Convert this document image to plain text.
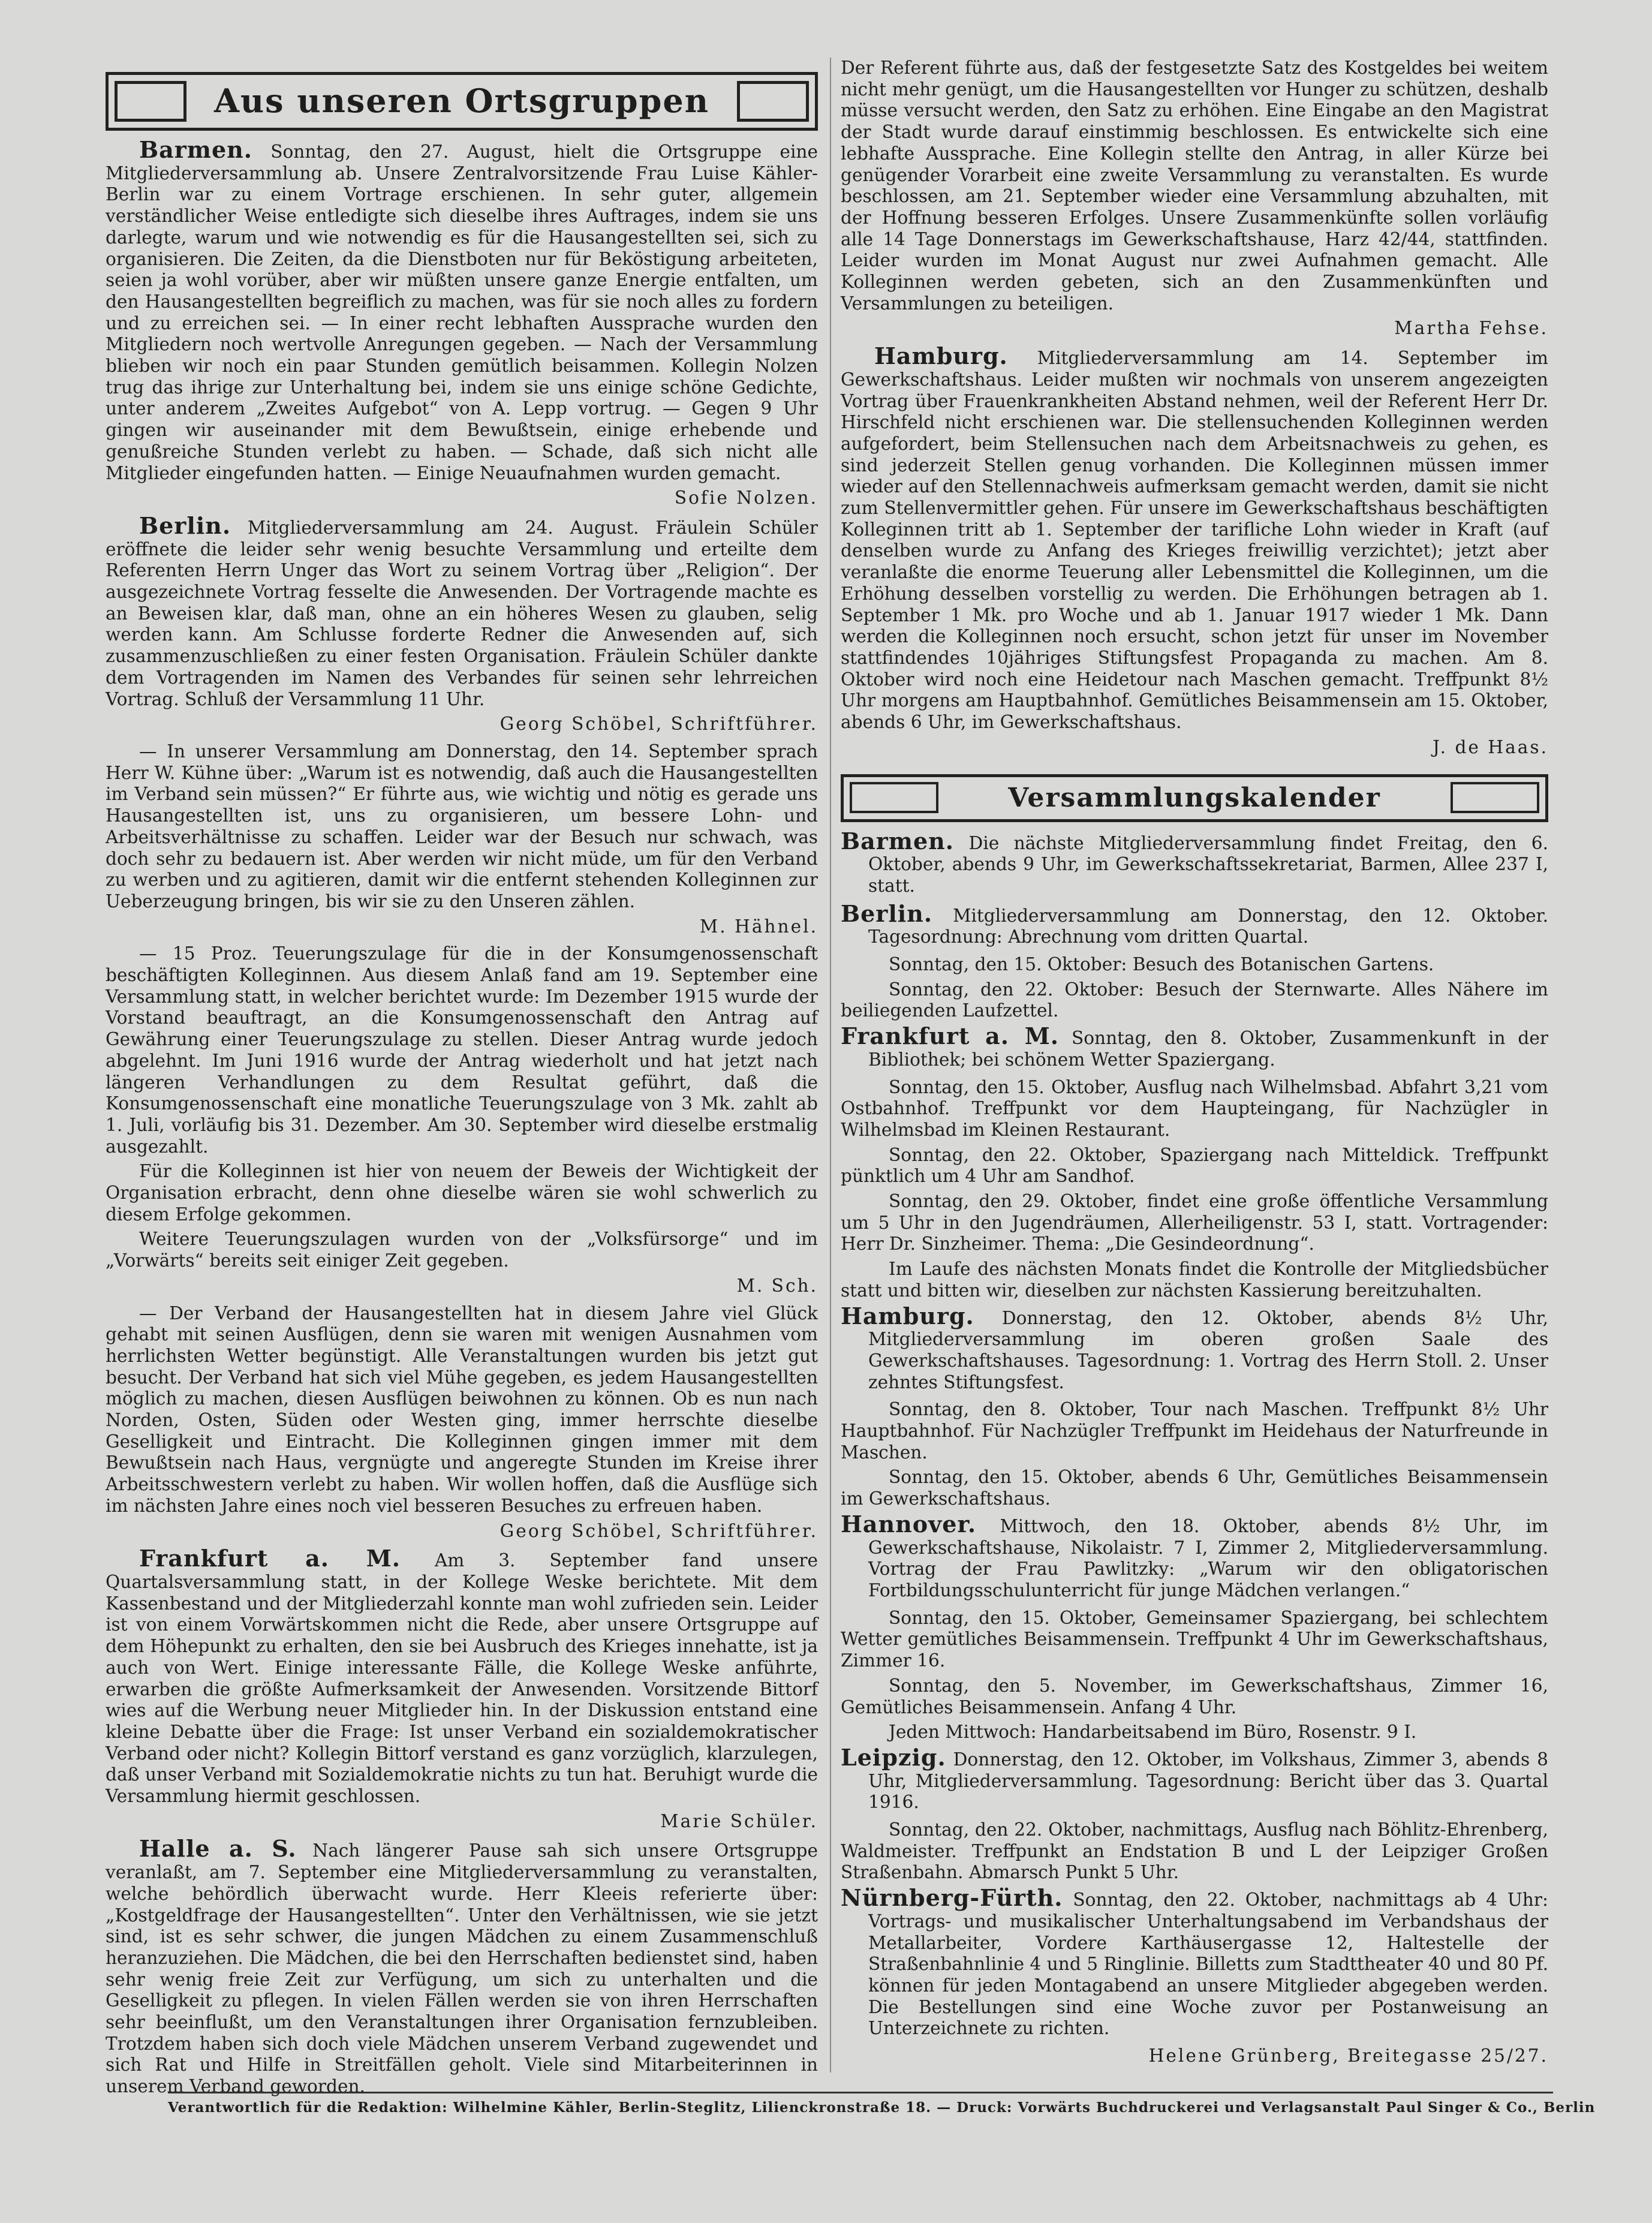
Aus unseren Ortsgruppen

Barmen. Sonntag, den 27. August, hielt die Ortsgruppe eine Mitgliederversammlung ab. Unsere Zentralvorsitzende Frau Luise Kähler-Berlin war zu einem Vortrage erschienen. In sehr guter, allgemein verständlicher Weise entledigte sich dieselbe ihres Auftrages, indem sie uns darlegte, warum und wie notwendig es für die Hausangestellten sei, sich zu organisieren. Die Zeiten, da die Dienstboten nur für Beköstigung arbeiteten, seien ja wohl vorüber, aber wir müßten unsere ganze Energie entfalten, um den Hausangestellten begreiflich zu machen, was für sie noch alles zu fordern und zu erreichen sei. — In einer recht lebhaften Aussprache wurden den Mitgliedern noch wertvolle Anregungen gegeben. — Nach der Versammlung blieben wir noch ein paar Stunden gemütlich beisammen. Kollegin Nolzen trug das ihrige zur Unterhaltung bei, indem sie uns einige schöne Gedichte, unter anderem „Zweites Aufgebot“ von A. Lepp vortrug. — Gegen 9 Uhr gingen wir auseinander mit dem Bewußtsein, einige erhebende und genußreiche Stunden verlebt zu haben. — Schade, daß sich nicht alle Mitglieder eingefunden hatten. — Einige Neuaufnahmen wurden gemacht.

Sofie Nolzen.

Berlin. Mitgliederversammlung am 24. August. Fräulein Schüler eröffnete die leider sehr wenig besuchte Versammlung und erteilte dem Referenten Herrn Unger das Wort zu seinem Vortrag über „Religion“. Der ausgezeichnete Vortrag fesselte die Anwesenden. Der Vortragende machte es an Beweisen klar, daß man, ohne an ein höheres Wesen zu glauben, selig werden kann. Am Schlusse forderte Redner die Anwesenden auf, sich zusammenzuschließen zu einer festen Organisation. Fräulein Schüler dankte dem Vortragenden im Namen des Verbandes für seinen sehr lehrreichen Vortrag. Schluß der Versammlung 11 Uhr.

Georg Schöbel, Schriftführer.

— In unserer Versammlung am Donnerstag, den 14. September sprach Herr W. Kühne über: „Warum ist es notwendig, daß auch die Hausangestellten im Verband sein müssen?“ Er führte aus, wie wichtig und nötig es gerade uns Hausangestellten ist, uns zu organisieren, um bessere Lohn- und Arbeitsverhältnisse zu schaffen. Leider war der Besuch nur schwach, was doch sehr zu bedauern ist. Aber werden wir nicht müde, um für den Verband zu werben und zu agitieren, damit wir die entfernt stehenden Kolleginnen zur Ueberzeugung bringen, bis wir sie zu den Unseren zählen.

M. Hähnel.

— 15 Proz. Teuerungszulage für die in der Konsumgenossenschaft beschäftigten Kolleginnen. Aus diesem Anlaß fand am 19. September eine Versammlung statt, in welcher berichtet wurde: Im Dezember 1915 wurde der Vorstand beauftragt, an die Konsumgenossenschaft den Antrag auf Gewährung einer Teuerungszulage zu stellen. Dieser Antrag wurde jedoch abgelehnt. Im Juni 1916 wurde der Antrag wiederholt und hat jetzt nach längeren Verhandlungen zu dem Resultat geführt, daß die Konsumgenossenschaft eine monatliche Teuerungszulage von 3 Mk. zahlt ab 1. Juli, vorläufig bis 31. Dezember. Am 30. September wird dieselbe erstmalig ausgezahlt.

Für die Kolleginnen ist hier von neuem der Beweis der Wichtigkeit der Organisation erbracht, denn ohne dieselbe wären sie wohl schwerlich zu diesem Erfolge gekommen.

Weitere Teuerungszulagen wurden von der „Volksfürsorge“ und im „Vorwärts“ bereits seit einiger Zeit gegeben.

M. Sch.

— Der Verband der Hausangestellten hat in diesem Jahre viel Glück gehabt mit seinen Ausflügen, denn sie waren mit wenigen Ausnahmen vom herrlichsten Wetter begünstigt. Alle Veranstaltungen wurden bis jetzt gut besucht. Der Verband hat sich viel Mühe gegeben, es jedem Hausangestellten möglich zu machen, diesen Ausflügen beiwohnen zu können. Ob es nun nach Norden, Osten, Süden oder Westen ging, immer herrschte dieselbe Geselligkeit und Eintracht. Die Kolleginnen gingen immer mit dem Bewußtsein nach Haus, vergnügte und angeregte Stunden im Kreise ihrer Arbeitsschwestern verlebt zu haben. Wir wollen hoffen, daß die Ausflüge sich im nächsten Jahre eines noch viel besseren Besuches zu erfreuen haben.

Georg Schöbel, Schriftführer.

Frankfurt a. M. Am 3. September fand unsere Quartalsversammlung statt, in der Kollege Weske berichtete. Mit dem Kassenbestand und der Mitgliederzahl konnte man wohl zufrieden sein. Leider ist von einem Vorwärtskommen nicht die Rede, aber unsere Ortsgruppe auf dem Höhepunkt zu erhalten, den sie bei Ausbruch des Krieges innehatte, ist ja auch von Wert. Einige interessante Fälle, die Kollege Weske anführte, erwarben die größte Aufmerksamkeit der Anwesenden. Vorsitzende Bittorf wies auf die Werbung neuer Mitglieder hin. In der Diskussion entstand eine kleine Debatte über die Frage: Ist unser Verband ein sozialdemokratischer Verband oder nicht? Kollegin Bittorf verstand es ganz vorzüglich, klarzulegen, daß unser Verband mit Sozialdemokratie nichts zu tun hat. Beruhigt wurde die Versammlung hiermit geschlossen.

Marie Schüler.

Halle a. S. Nach längerer Pause sah sich unsere Ortsgruppe veranlaßt, am 7. September eine Mitgliederversammlung zu veranstalten, welche behördlich überwacht wurde. Herr Kleeis referierte über: „Kostgeldfrage der Hausangestellten“. Unter den Verhältnissen, wie sie jetzt sind, ist es sehr schwer, die jungen Mädchen zu einem Zusammenschluß heranzuziehen. Die Mädchen, die bei den Herrschaften bedienstet sind, haben sehr wenig freie Zeit zur Verfügung, um sich zu unterhalten und die Geselligkeit zu pflegen. In vielen Fällen werden sie von ihren Herrschaften sehr beeinflußt, um den Veranstaltungen ihrer Organisation fernzubleiben. Trotzdem haben sich doch viele Mädchen unserem Verband zugewendet und sich Rat und Hilfe in Streitfällen geholt. Viele sind Mitarbeiterinnen in unserem Verband geworden.

Der Referent führte aus, daß der festgesetzte Satz des Kostgeldes bei weitem nicht mehr genügt, um die Hausangestellten vor Hunger zu schützen, deshalb müsse versucht werden, den Satz zu erhöhen. Eine Eingabe an den Magistrat der Stadt wurde darauf einstimmig beschlossen. Es entwickelte sich eine lebhafte Aussprache. Eine Kollegin stellte den Antrag, in aller Kürze bei genügender Vorarbeit eine zweite Versammlung zu veranstalten. Es wurde beschlossen, am 21. September wieder eine Versammlung abzuhalten, mit der Hoffnung besseren Erfolges. Unsere Zusammenkünfte sollen vorläufig alle 14 Tage Donnerstags im Gewerkschaftshause, Harz 42/44, stattfinden. Leider wurden im Monat August nur zwei Aufnahmen gemacht. Alle Kolleginnen werden gebeten, sich an den Zusammenkünften und Versammlungen zu beteiligen.

Martha Fehse.

Hamburg. Mitgliederversammlung am 14. September im Gewerkschaftshaus. Leider mußten wir nochmals von unserem angezeigten Vortrag über Frauenkrankheiten Abstand nehmen, weil der Referent Herr Dr. Hirschfeld nicht erschienen war. Die stellensuchenden Kolleginnen werden aufgefordert, beim Stellensuchen nach dem Arbeitsnachweis zu gehen, es sind jederzeit Stellen genug vorhanden. Die Kolleginnen müssen immer wieder auf den Stellennachweis aufmerksam gemacht werden, damit sie nicht zum Stellenvermittler gehen. Für unsere im Gewerkschaftshaus beschäftigten Kolleginnen tritt ab 1. September der tarifliche Lohn wieder in Kraft (auf denselben wurde zu Anfang des Krieges freiwillig verzichtet); jetzt aber veranlaßte die enorme Teuerung aller Lebensmittel die Kolleginnen, um die Erhöhung desselben vorstellig zu werden. Die Erhöhungen betragen ab 1. September 1 Mk. pro Woche und ab 1. Januar 1917 wieder 1 Mk. Dann werden die Kolleginnen noch ersucht, schon jetzt für unser im November stattfindendes 10jähriges Stiftungsfest Propaganda zu machen. Am 8. Oktober wird noch eine Heidetour nach Maschen gemacht. Treffpunkt 8½ Uhr morgens am Hauptbahnhof. Gemütliches Beisammensein am 15. Oktober, abends 6 Uhr, im Gewerkschaftshaus.

J. de Haas.

Versammlungskalender

Barmen. Die nächste Mitgliederversammlung findet Freitag, den 6. Oktober, abends 9 Uhr, im Gewerkschaftssekretariat, Barmen, Allee 237 I, statt.

Berlin. Mitgliederversammlung am Donnerstag, den 12. Oktober. Tagesordnung: Abrechnung vom dritten Quartal.

Sonntag, den 15. Oktober: Besuch des Botanischen Gartens.

Sonntag, den 22. Oktober: Besuch der Sternwarte. Alles Nähere im beiliegenden Laufzettel.

Frankfurt a. M. Sonntag, den 8. Oktober, Zusammenkunft in der Bibliothek; bei schönem Wetter Spaziergang.

Sonntag, den 15. Oktober, Ausflug nach Wilhelmsbad. Abfahrt 3,21 vom Ostbahnhof. Treffpunkt vor dem Haupteingang, für Nachzügler in Wilhelmsbad im Kleinen Restaurant.

Sonntag, den 22. Oktober, Spaziergang nach Mitteldick. Treffpunkt pünktlich um 4 Uhr am Sandhof.

Sonntag, den 29. Oktober, findet eine große öffentliche Versammlung um 5 Uhr in den Jugendräumen, Allerheiligenstr. 53 I, statt. Vortragender: Herr Dr. Sinzheimer. Thema: „Die Gesindeordnung“.

Im Laufe des nächsten Monats findet die Kontrolle der Mitgliedsbücher statt und bitten wir, dieselben zur nächsten Kassierung bereitzuhalten.

Hamburg. Donnerstag, den 12. Oktober, abends 8½ Uhr, Mitgliederversammlung im oberen großen Saale des Gewerkschaftshauses. Tagesordnung: 1. Vortrag des Herrn Stoll. 2. Unser zehntes Stiftungsfest.

Sonntag, den 8. Oktober, Tour nach Maschen. Treffpunkt 8½ Uhr Hauptbahnhof. Für Nachzügler Treffpunkt im Heidehaus der Naturfreunde in Maschen.

Sonntag, den 15. Oktober, abends 6 Uhr, Gemütliches Beisammensein im Gewerkschaftshaus.

Hannover. Mittwoch, den 18. Oktober, abends 8½ Uhr, im Gewerkschaftshause, Nikolaistr. 7 I, Zimmer 2, Mitgliederversammlung. Vortrag der Frau Pawlitzky: „Warum wir den obligatorischen Fortbildungsschulunterricht für junge Mädchen verlangen.“

Sonntag, den 15. Oktober, Gemeinsamer Spaziergang, bei schlechtem Wetter gemütliches Beisammensein. Treffpunkt 4 Uhr im Gewerkschaftshaus, Zimmer 16.

Sonntag, den 5. November, im Gewerkschaftshaus, Zimmer 16, Gemütliches Beisammensein. Anfang 4 Uhr.

Jeden Mittwoch: Handarbeitsabend im Büro, Rosenstr. 9 I.

Leipzig. Donnerstag, den 12. Oktober, im Volkshaus, Zimmer 3, abends 8 Uhr, Mitgliederversammlung. Tagesordnung: Bericht über das 3. Quartal 1916.

Sonntag, den 22. Oktober, nachmittags, Ausflug nach Böhlitz-Ehrenberg, Waldmeister. Treffpunkt an Endstation B und L der Leipziger Großen Straßenbahn. Abmarsch Punkt 5 Uhr.

Nürnberg-Fürth. Sonntag, den 22. Oktober, nachmittags ab 4 Uhr: Vortrags- und musikalischer Unterhaltungsabend im Verbandshaus der Metallarbeiter, Vordere Karthäusergasse 12, Haltestelle der Straßenbahnlinie 4 und 5 Ringlinie. Billetts zum Stadttheater 40 und 80 Pf. können für jeden Montagabend an unsere Mitglieder abgegeben werden. Die Bestellungen sind eine Woche zuvor per Postanweisung an Unterzeichnete zu richten.

Helene Grünberg, Breitegasse 25/27.

Verantwortlich für die Redaktion: Wilhelmine Kähler, Berlin-Steglitz, Lilienckronstraße 18. — Druck: Vorwärts Buchdruckerei und Verlagsanstalt Paul Singer & Co., Berlin
